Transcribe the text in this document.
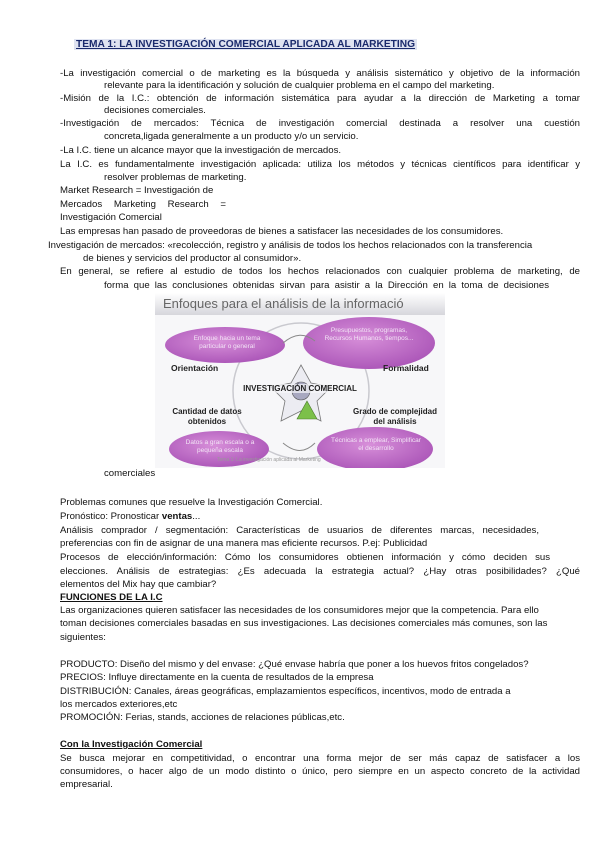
TEMA 1: LA INVESTIGACIÓN COMERCIAL APLICADA AL MARKETING
-La investigación comercial o de marketing es la búsqueda y análisis sistemático y objetivo de la información
relevante para la identificación y solución de cualquier problema en el campo del marketing.
-Misión de la I.C.: obtención de información sistemática para ayudar a la dirección de Marketing a tomar
decisiones comerciales.
-Investigación de mercados: Técnica de investigación comercial destinada a resolver una cuestión
concreta,ligada generalmente a un producto y/o un servicio.
-La I.C. tiene un alcance mayor que la investigación de mercados.
La I.C. es fundamentalmente investigación aplicada: utiliza los métodos y técnicas científicos para identificar y
resolver problemas de marketing.
Market Research = Investigación de
Mercados Marketing Research =
Investigación Comercial
Las empresas han pasado de proveedoras de bienes a satisfacer las necesidades de los consumidores.
Investigación de mercados: «recolección, registro y análisis de todos los hechos relacionados con la transferencia
de bienes y servicios del productor al consumidor».
En general, se refiere al estudio de todos los hechos relacionados con cualquier problema de marketing, de
forma que las conclusiones obtenidas sirvan para asistir a la Dirección en la toma de decisiones
Enfoques para el análisis de la informació
Enfoque hacia un tema particular o general
Presupuestos, programas, Recursos Humanos, tiempos...
Datos a gran escala o a pequeña escala
Técnicas a emplear, Simplificar el desarrollo
Orientación	Formalidad
INVESTIGACIÓN COMERCIAL
Cantidad de datos obtenidos
Grado de complejidad del análisis
Tema 1: La investigación aplicada al Marketing
comerciales
Problemas comunes que resuelve la Investigación Comercial.
Pronóstico: Pronosticar ventas...
Análisis comprador / segmentación: Características de usuarios de diferentes marcas, necesidades,
preferencias con fin de asignar de una manera mas eficiente recursos. P.ej: Publicidad
Procesos de elección/información: Cómo los consumidores obtienen información y cómo deciden sus
elecciones. Análisis de estrategias: ¿Es adecuada la estrategia actual? ¿Hay otras posibilidades? ¿Qué
elementos del Mix hay que cambiar?
FUNCIONES DE LA I.C
Las organizaciones quieren satisfacer las necesidades de los consumidores mejor que la competencia. Para ello
toman decisiones comerciales basadas en sus investigaciones. Las decisiones comerciales más comunes, son las
siguientes:
PRODUCTO: Diseño del mismo y del envase: ¿Qué envase habría que poner a los huevos fritos congelados?
PRECIOS: Influye directamente en la cuenta de resultados de la empresa
DISTRIBUCIÓN: Canales, áreas geográficas, emplazamientos específicos, incentivos, modo de entrada a
los mercados exteriores,etc
PROMOCIÓN: Ferias, stands, acciones de relaciones públicas,etc.
Con la Investigación Comercial
Se busca mejorar en competitividad, o encontrar una forma mejor de ser más capaz de satisfacer a los
consumidores, o hacer algo de un modo distinto o único, pero siempre en un aspecto concreto de la actividad
empresarial.
